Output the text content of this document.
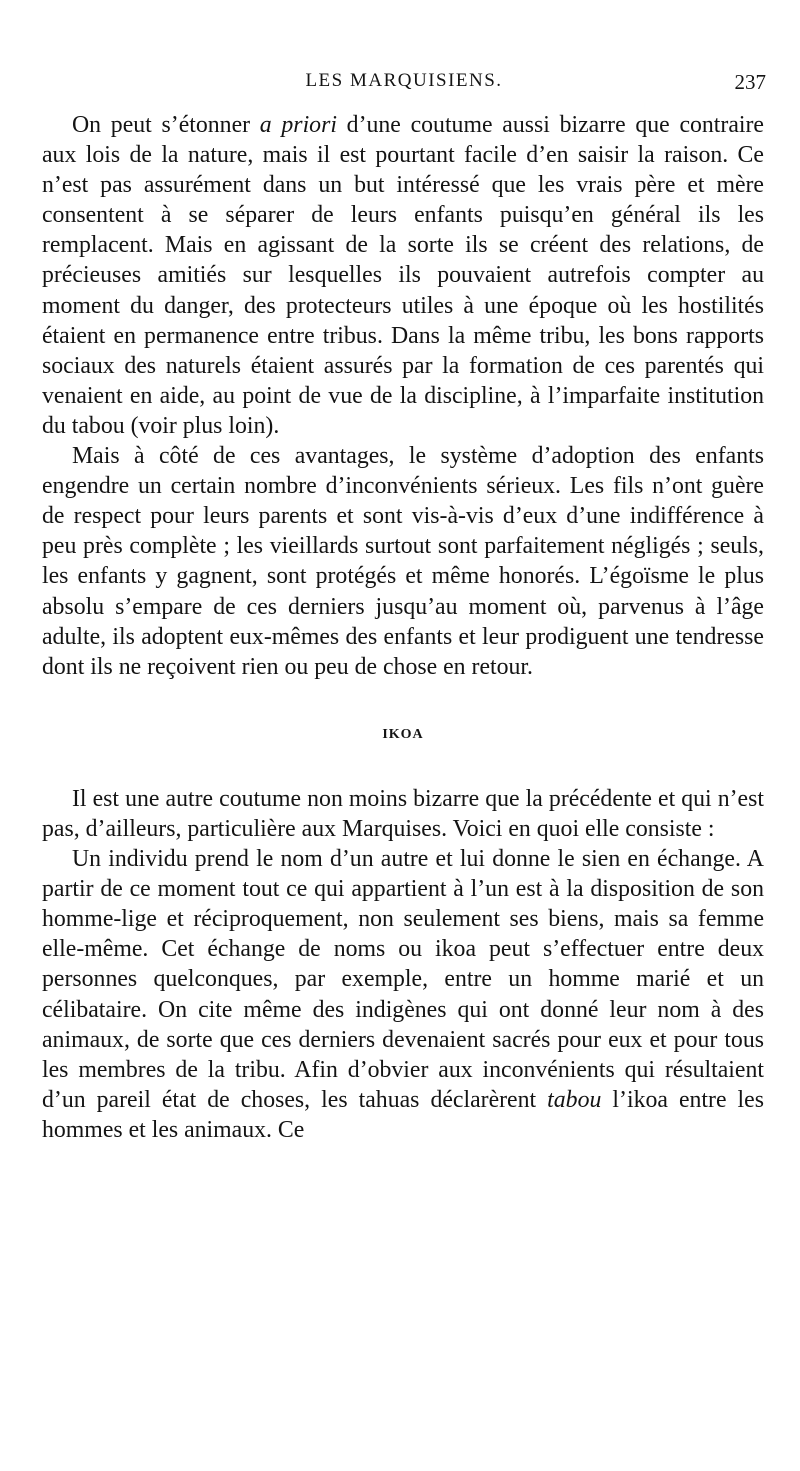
LES MARQUISIENS.	237

On peut s’étonner a priori d’une coutume aussi bizarre que contraire aux lois de la nature, mais il est pourtant facile d’en saisir la raison. Ce n’est pas assurément dans un but intéressé que les vrais père et mère consentent à se séparer de leurs enfants puisqu’en général ils les remplacent. Mais en agissant de la sorte ils se créent des relations, de précieuses amitiés sur lesquelles ils pouvaient autrefois compter au moment du danger, des protecteurs utiles à une époque où les hostilités étaient en permanence entre tribus. Dans la même tribu, les bons rapports sociaux des naturels étaient assurés par la formation de ces parentés qui venaient en aide, au point de vue de la discipline, à l’imparfaite institution du tabou (voir plus loin).

Mais à côté de ces avantages, le système d’adoption des enfants engendre un certain nombre d’inconvénients sérieux. Les fils n’ont guère de respect pour leurs parents et sont vis-à-vis d’eux d’une indifférence à peu près complète ; les vieillards surtout sont parfaitement négligés ; seuls, les enfants y gagnent, sont protégés et même honorés. L’égoïsme le plus absolu s’empare de ces derniers jusqu’au moment où, parvenus à l’âge adulte, ils adoptent eux-mêmes des enfants et leur prodiguent une tendresse dont ils ne reçoivent rien ou peu de chose en retour.

IKOA

Il est une autre coutume non moins bizarre que la précédente et qui n’est pas, d’ailleurs, particulière aux Marquises. Voici en quoi elle consiste :

Un individu prend le nom d’un autre et lui donne le sien en échange. A partir de ce moment tout ce qui appartient à l’un est à la disposition de son homme-lige et réciproquement, non seulement ses biens, mais sa femme elle-même. Cet échange de noms ou ikoa peut s’effectuer entre deux personnes quelconques, par exemple, entre un homme marié et un célibataire. On cite même des indigènes qui ont donné leur nom à des animaux, de sorte que ces derniers devenaient sacrés pour eux et pour tous les membres de la tribu. Afin d’obvier aux inconvénients qui résultaient d’un pareil état de choses, les tahuas déclarèrent tabou l’ikoa entre les hommes et les animaux. Ce
